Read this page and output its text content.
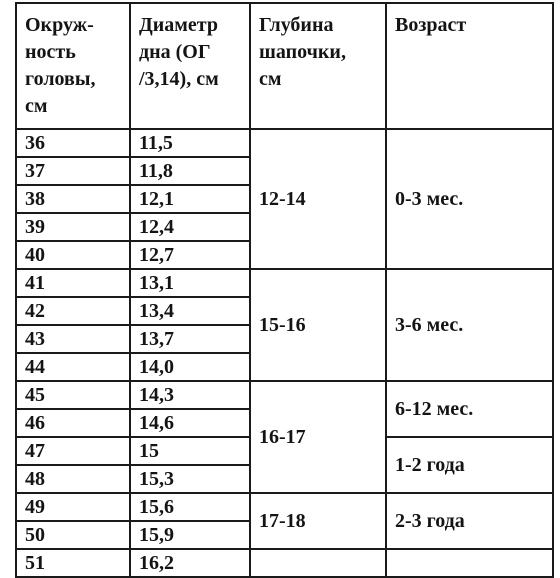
Окруж-
ность
головы,
см	Диаметр
дна (ОГ
/3,14), см	Глубина
шапочки,
см	Возраст
36	11,5	12-14	0-3 мес.
37	11,8		
38	12,1		
39	12,4		
40	12,7		
41	13,1	15-16	3-6 мес.
42	13,4		
43	13,7		
44	14,0		
45	14,3	16-17	6-12 мес.
46	14,6		
47	15		1-2 года
48	15,3		
49	15,6	17-18	2-3 года
50	15,9		
51	16,2		
